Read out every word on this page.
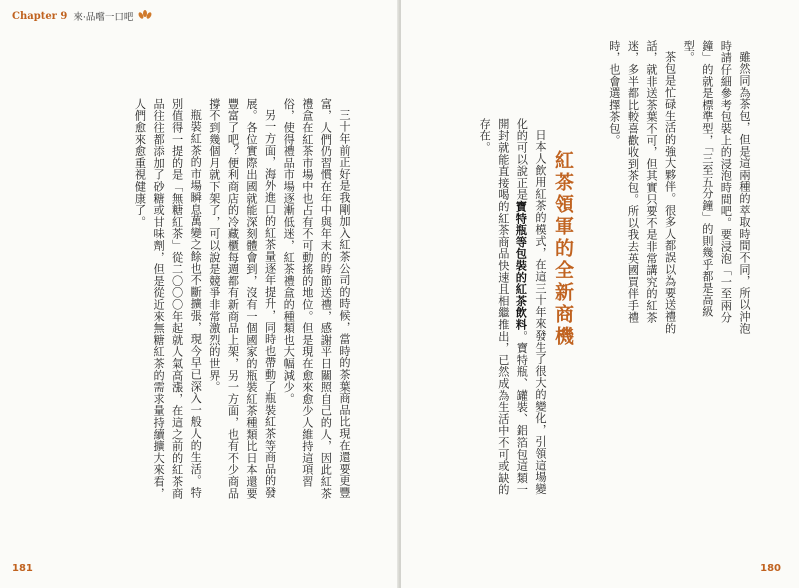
Chapter 9 來·品嚐一口吧

三十年前正好是我剛加入紅茶公司的時候，當時的茶葉商品比現在還要更豐富，人們仍習慣在年中與年末的時節送禮，感謝平日關照自己的人，因此紅茶禮盒在紅茶市場中也占有不可動搖的地位。但是現在愈來愈少人維持這項習俗，使得禮品市場逐漸低迷，紅茶禮盒的種類也大幅減少。

另一方面，海外進口的紅茶量逐年提升，同時也帶動了瓶裝紅茶等商品的發展。各位實際出國就能深刻體會到，沒有一個國家的瓶裝紅茶種類比日本還要豐富了吧？便利商店的冷藏櫃每週都有新商品上架，另一方面，也有不少商品撐不到幾個月就下架了，可以說是競爭非常激烈的世界。

瓶裝紅茶的市場瞬息萬變之餘也不斷擴張，現今早已深入一般人的生活。特別值得一提的是「無糖紅茶」從二〇〇〇年起就人氣高漲，在這之前的紅茶商品往往都添加了砂糖或甘味劑，但是從近來無糖紅茶的需求量持續擴大來看，人們愈來愈重視健康了。

181

雖然同為茶包，但是這兩種的萃取時間不同，所以沖泡時請仔細參考包裝上的浸泡時間吧。要浸泡「一至兩分鐘」的就是標準型，「三至五分鐘」的則幾乎都是高級型。

茶包是忙碌生活的強大夥伴。很多人都誤以為要送禮的話，就非送茶葉不可，但其實只要不是非常講究的紅茶迷，多半都比較喜歡收到茶包。所以我去英國買伴手禮時，也會選擇茶包。

紅茶領軍的全新商機

日本人飲用紅茶的模式，在這三十年來發生了很大的變化，引領這場變化的可以說正是寶特瓶等包裝的紅茶飲料。寶特瓶、罐裝、鋁箔包這類一開封就能直接喝的紅茶商品快速且相繼推出，已然成為生活中不可或缺的存在。

180
